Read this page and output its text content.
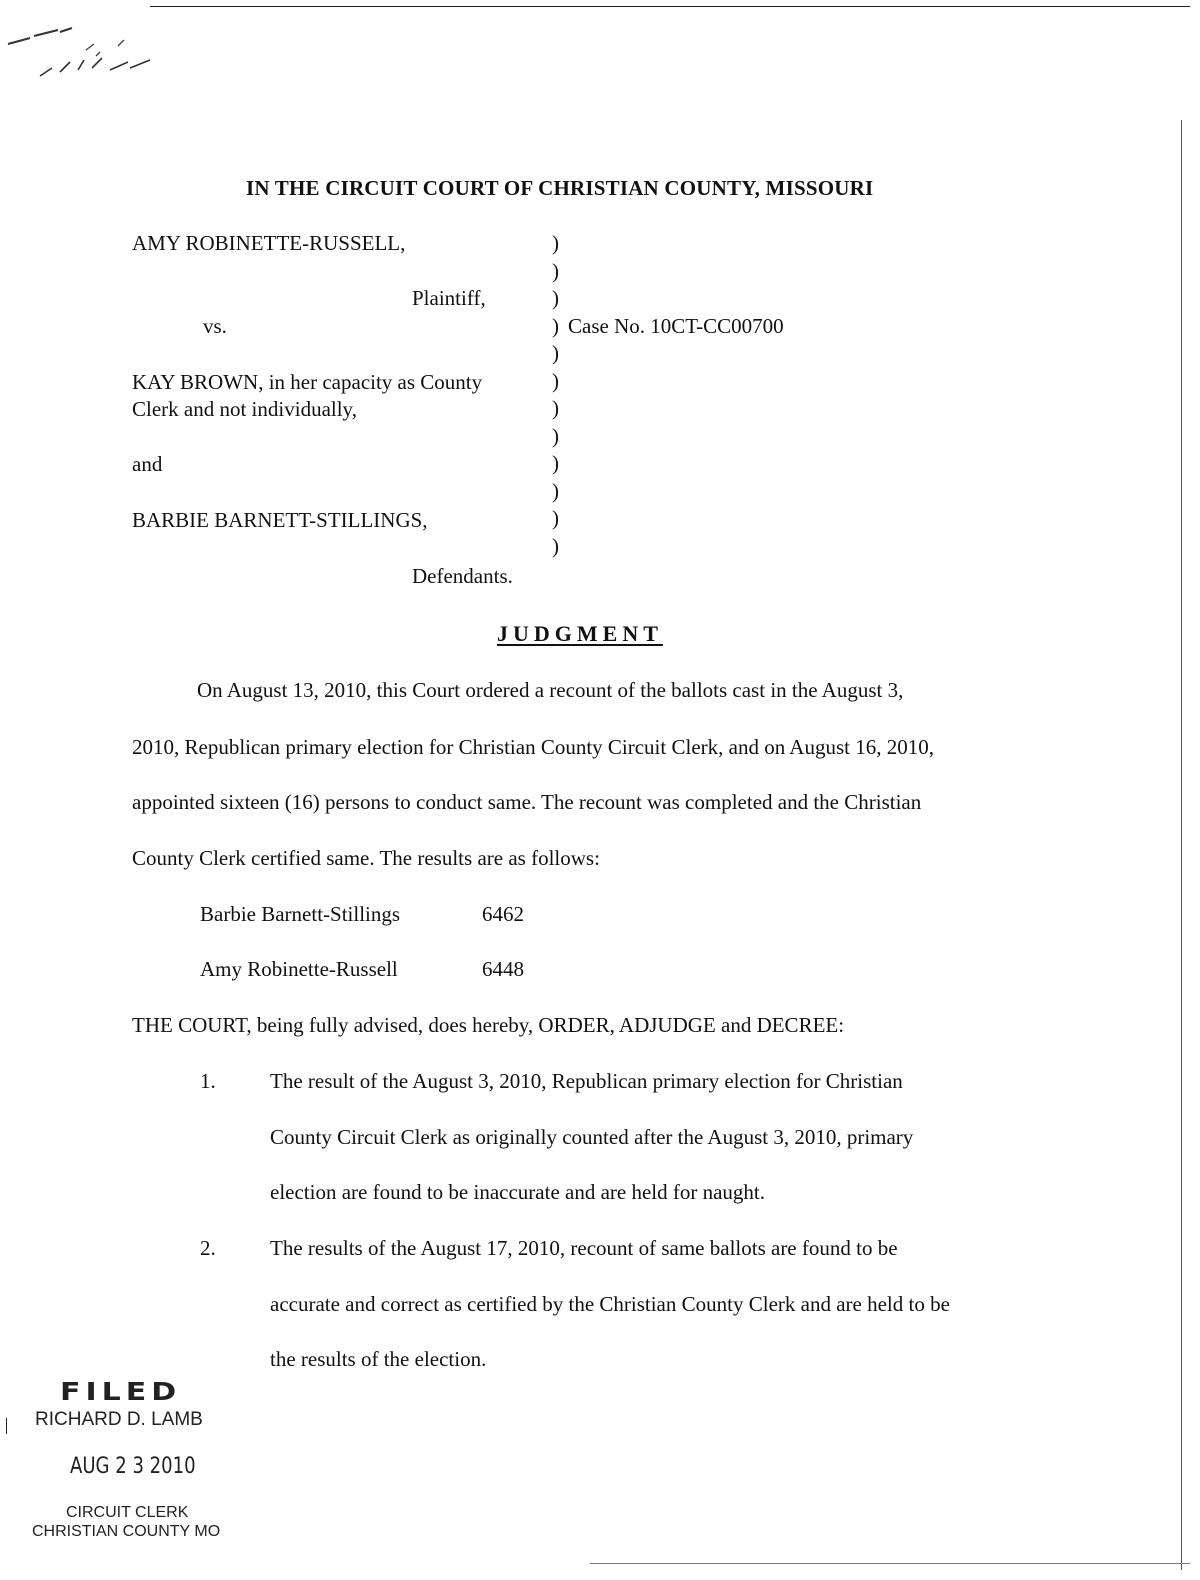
IN THE CIRCUIT COURT OF CHRISTIAN COUNTY, MISSOURI
AMY ROBINETTE-RUSSELL,
Plaintiff,
vs.
KAY BROWN, in her capacity as County
Clerk and not individually,
and
BARBIE BARNETT-STILLINGS,
Defendants.
)
)
)
)
)
)
)
)
)
)
)
)
Case No. 10CT-CC00700
JUDGMENT
On August 13, 2010, this Court ordered a recount of the ballots cast in the August 3,
2010, Republican primary election for Christian County Circuit Clerk, and on August 16, 2010,
appointed sixteen (16) persons to conduct same. The recount was completed and the Christian
County Clerk certified same. The results are as follows:
Barbie Barnett-Stillings	6462
Amy Robinette-Russell	6448
THE COURT, being fully advised, does hereby, ORDER, ADJUDGE and DECREE:
1.	The result of the August 3, 2010, Republican primary election for Christian
County Circuit Clerk as originally counted after the August 3, 2010, primary
election are found to be inaccurate and are held for naught.
2.	The results of the August 17, 2010, recount of same ballots are found to be
accurate and correct as certified by the Christian County Clerk and are held to be
the results of the election.
FILED
RICHARD D. LAMB
AUG 2 3 2010
CIRCUIT CLERK
CHRISTIAN COUNTY MO
